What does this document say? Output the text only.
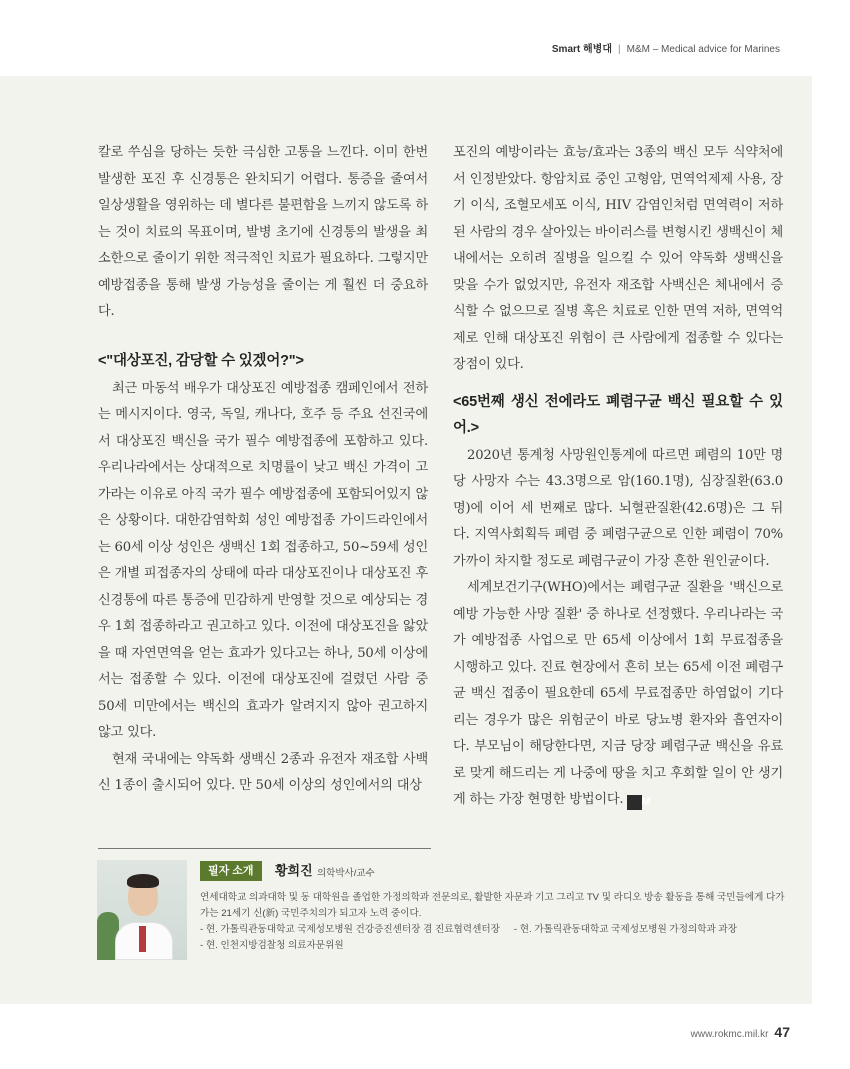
Smart 해병대 | M&M – Medical advice for Marines

칼로 쑤심을 당하는 듯한 극심한 고통을 느낀다. 이미 한번 발생한 포진 후 신경통은 완치되기 어렵다. 통증을 줄여서 일상생활을 영위하는 데 별다른 불편함을 느끼지 않도록 하는 것이 치료의 목표이며, 발병 초기에 신경통의 발생을 최소한으로 줄이기 위한 적극적인 치료가 필요하다. 그렇지만 예방접종을 통해 발생 가능성을 줄이는 게 훨씬 더 중요하다.

<"대상포진, 감당할 수 있겠어?">

최근 마동석 배우가 대상포진 예방접종 캠페인에서 전하는 메시지이다. 영국, 독일, 캐나다, 호주 등 주요 선진국에서 대상포진 백신을 국가 필수 예방접종에 포함하고 있다. 우리나라에서는 상대적으로 치명률이 낮고 백신 가격이 고가라는 이유로 아직 국가 필수 예방접종에 포함되어있지 않은 상황이다. 대한감염학회 성인 예방접종 가이드라인에서는 60세 이상 성인은 생백신 1회 접종하고, 50~59세 성인은 개별 피접종자의 상태에 따라 대상포진이나 대상포진 후 신경통에 따른 통증에 민감하게 반영할 것으로 예상되는 경우 1회 접종하라고 권고하고 있다. 이전에 대상포진을 앓았을 때 자연면역을 얻는 효과가 있다고는 하나, 50세 이상에서는 접종할 수 있다. 이전에 대상포진에 걸렸던 사람 중 50세 미만에서는 백신의 효과가 알려지지 않아 권고하지 않고 있다.

현재 국내에는 약독화 생백신 2종과 유전자 재조합 사백신 1종이 출시되어 있다. 만 50세 이상의 성인에서의 대상

포진의 예방이라는 효능/효과는 3종의 백신 모두 식약처에서 인정받았다. 항암치료 중인 고형암, 면역억제제 사용, 장기 이식, 조혈모세포 이식, HIV 감염인처럼 면역력이 저하된 사람의 경우 살아있는 바이러스를 변형시킨 생백신이 체내에서는 오히려 질병을 일으킬 수 있어 약독화 생백신을 맞을 수가 없었지만, 유전자 재조합 사백신은 체내에서 증식할 수 없으므로 질병 혹은 치료로 인한 면역 저하, 면역억제로 인해 대상포진 위험이 큰 사람에게 접종할 수 있다는 장점이 있다.

<65번째 생신 전에라도 폐렴구균 백신 필요할 수 있어.>

2020년 통계청 사망원인통계에 따르면 폐렴의 10만 명당 사망자 수는 43.3명으로 암(160.1명), 심장질환(63.0명)에 이어 세 번째로 많다. 뇌혈관질환(42.6명)은 그 뒤다. 지역사회획득 폐렴 중 폐렴구균으로 인한 폐렴이 70% 가까이 차지할 정도로 폐렴구균이 가장 흔한 원인균이다.

세계보건기구(WHO)에서는 폐렴구균 질환을 '백신으로 예방 가능한 사망 질환' 중 하나로 선정했다. 우리나라는 국가 예방접종 사업으로 만 65세 이상에서 1회 무료접종을 시행하고 있다. 진료 현장에서 흔히 보는 65세 이전 폐렴구균 백신 접종이 필요한데 65세 무료접종만 하염없이 기다리는 경우가 많은 위험군이 바로 당뇨병 환자와 흡연자이다. 부모님이 해당한다면, 지금 당장 폐렴구균 백신을 유료로 맞게 해드리는 게 나중에 땅을 치고 후회할 일이 안 생기게 하는 가장 현명한 방법이다. M

필자 소개	황희진 의학박사/교수

연세대학교 의과대학 및 동 대학원을 졸업한 가정의학과 전문의로, 활발한 자문과 기고 그리고 TV 및 라디오 방송 활동을 통해 국민들에게 다가가는 21세기 신(新) 국민주치의가 되고자 노력 중이다.

- 현. 가톨릭관동대학교 국제성모병원 건강증진센터장 겸 진료협력센터장 - 현. 가톨릭관동대학교 국제성모병원 가정의학과 과장

- 현. 인천지방검찰청 의료자문위원

www.rokmc.mil.kr 47
